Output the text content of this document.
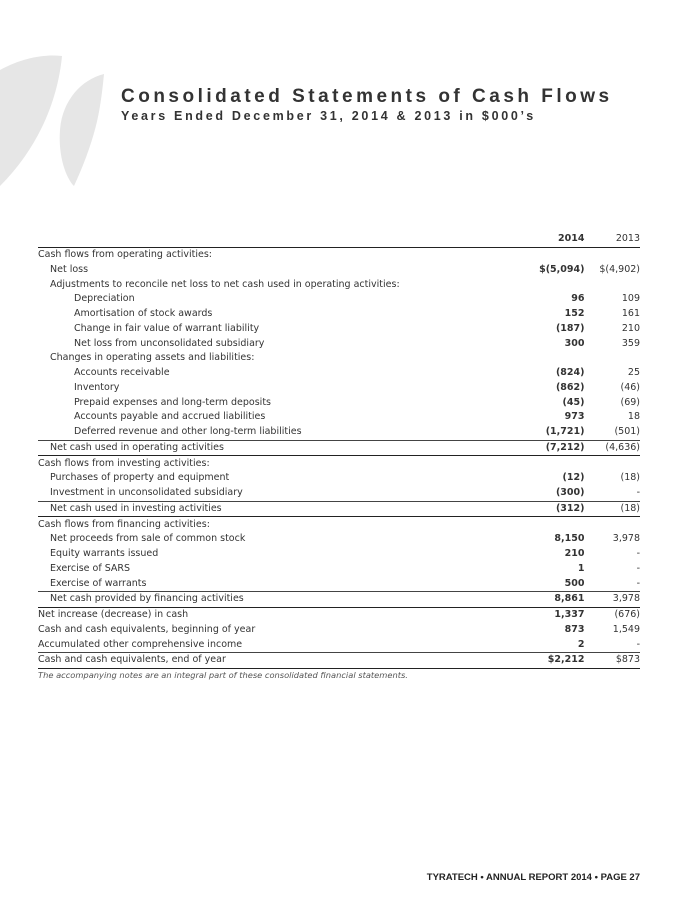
Consolidated Statements of Cash Flows
Years Ended December 31, 2014 & 2013 in $000’s
	2014	2013
Cash flows from operating activities:		
Net loss	$(5,094)	$(4,902)
Adjustments to reconcile net loss to net cash used in operating activities:		
Depreciation	96	109
Amortisation of stock awards	152	161
Change in fair value of warrant liability	(187)	210
Net loss from unconsolidated subsidiary	300	359
Changes in operating assets and liabilities:		
Accounts receivable	(824)	25
Inventory	(862)	(46)
Prepaid expenses and long-term deposits	(45)	(69)
Accounts payable and accrued liabilities	973	18
Deferred revenue and other long-term liabilities	(1,721)	(501)
Net cash used in operating activities	(7,212)	(4,636)
Cash flows from investing activities:		
Purchases of property and equipment	(12)	(18)
Investment in unconsolidated subsidiary	(300)	-
Net cash used in investing activities	(312)	(18)
Cash flows from financing activities:		
Net proceeds from sale of common stock	8,150	3,978
Equity warrants issued	210	-
Exercise of SARS	1	-
Exercise of warrants	500	-
Net cash provided by financing activities	8,861	3,978
Net increase (decrease) in cash	1,337	(676)
Cash and cash equivalents, beginning of year	873	1,549
Accumulated other comprehensive income	2	-
Cash and cash equivalents, end of year	$2,212	$873
The accompanying notes are an integral part of these consolidated financial statements.
TYRATECH • ANNUAL REPORT 2014 • PAGE 27
